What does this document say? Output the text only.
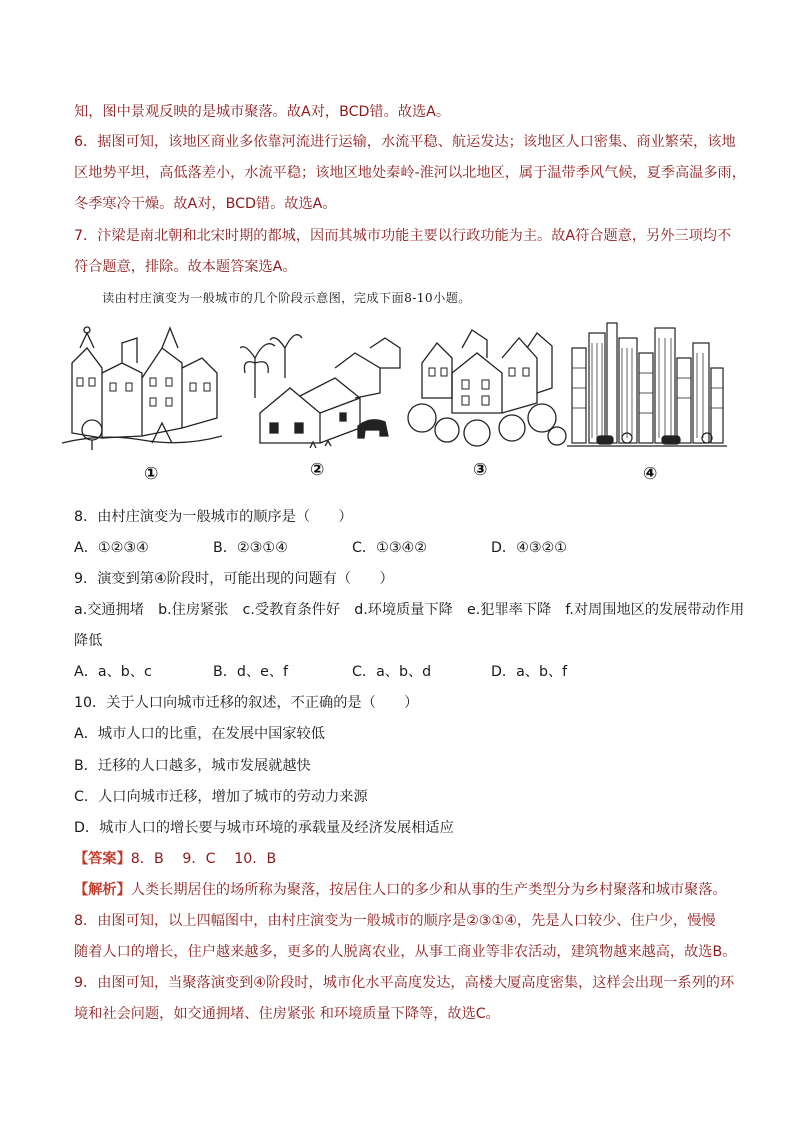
知，图中景观反映的是城市聚落。故A对，BCD错。故选A。
6．据图可知，该地区商业多依靠河流进行运输，水流平稳、航运发达；该地区人口密集、商业繁荣，该地
区地势平坦，高低落差小，水流平稳；该地区地处秦岭-淮河以北地区，属于温带季风气候，夏季高温多雨，
冬季寒冷干燥。故A对，BCD错。故选A。
7．汴梁是南北朝和北宋时期的都城，因而其城市功能主要以行政功能为主。故A符合题意，另外三项均不
符合题意，排除。故本题答案选A。
读由村庄演变为一般城市的几个阶段示意图，完成下面8-10小题。
①	②	③	④
8．由村庄演变为一般城市的顺序是（　　）
A．①②③④	B．②③①④	C．①③④②	D．④③②①
9．演变到第④阶段时，可能出现的问题有（　　）
a.交通拥堵　b.住房紧张　c.受教育条件好　d.环境质量下降　e.犯罪率下降　f.对周围地区的发展带动作用
降低
A．a、b、c	B．d、e、f	C．a、b、d	D．a、b、f
10．关于人口向城市迁移的叙述，不正确的是（　　）
A．城市人口的比重，在发展中国家较低
B．迁移的人口越多，城市发展就越快
C．人口向城市迁移，增加了城市的劳动力来源
D．城市人口的增长要与城市环境的承载量及经济发展相适应
【答案】8．B　 9．C　 10．B
【解析】人类长期居住的场所称为聚落，按居住人口的多少和从事的生产类型分为乡村聚落和城市聚落。
8．由图可知，以上四幅图中，由村庄演变为一般城市的顺序是②③①④，先是人口较少、住户少，慢慢
随着人口的增长，住户越来越多，更多的人脱离农业，从事工商业等非农活动，建筑物越来越高，故选B。
9．由图可知，当聚落演变到④阶段时，城市化水平高度发达，高楼大厦高度密集，这样会出现一系列的环
境和社会问题，如交通拥堵、住房紧张 和环境质量下降等，故选C。
